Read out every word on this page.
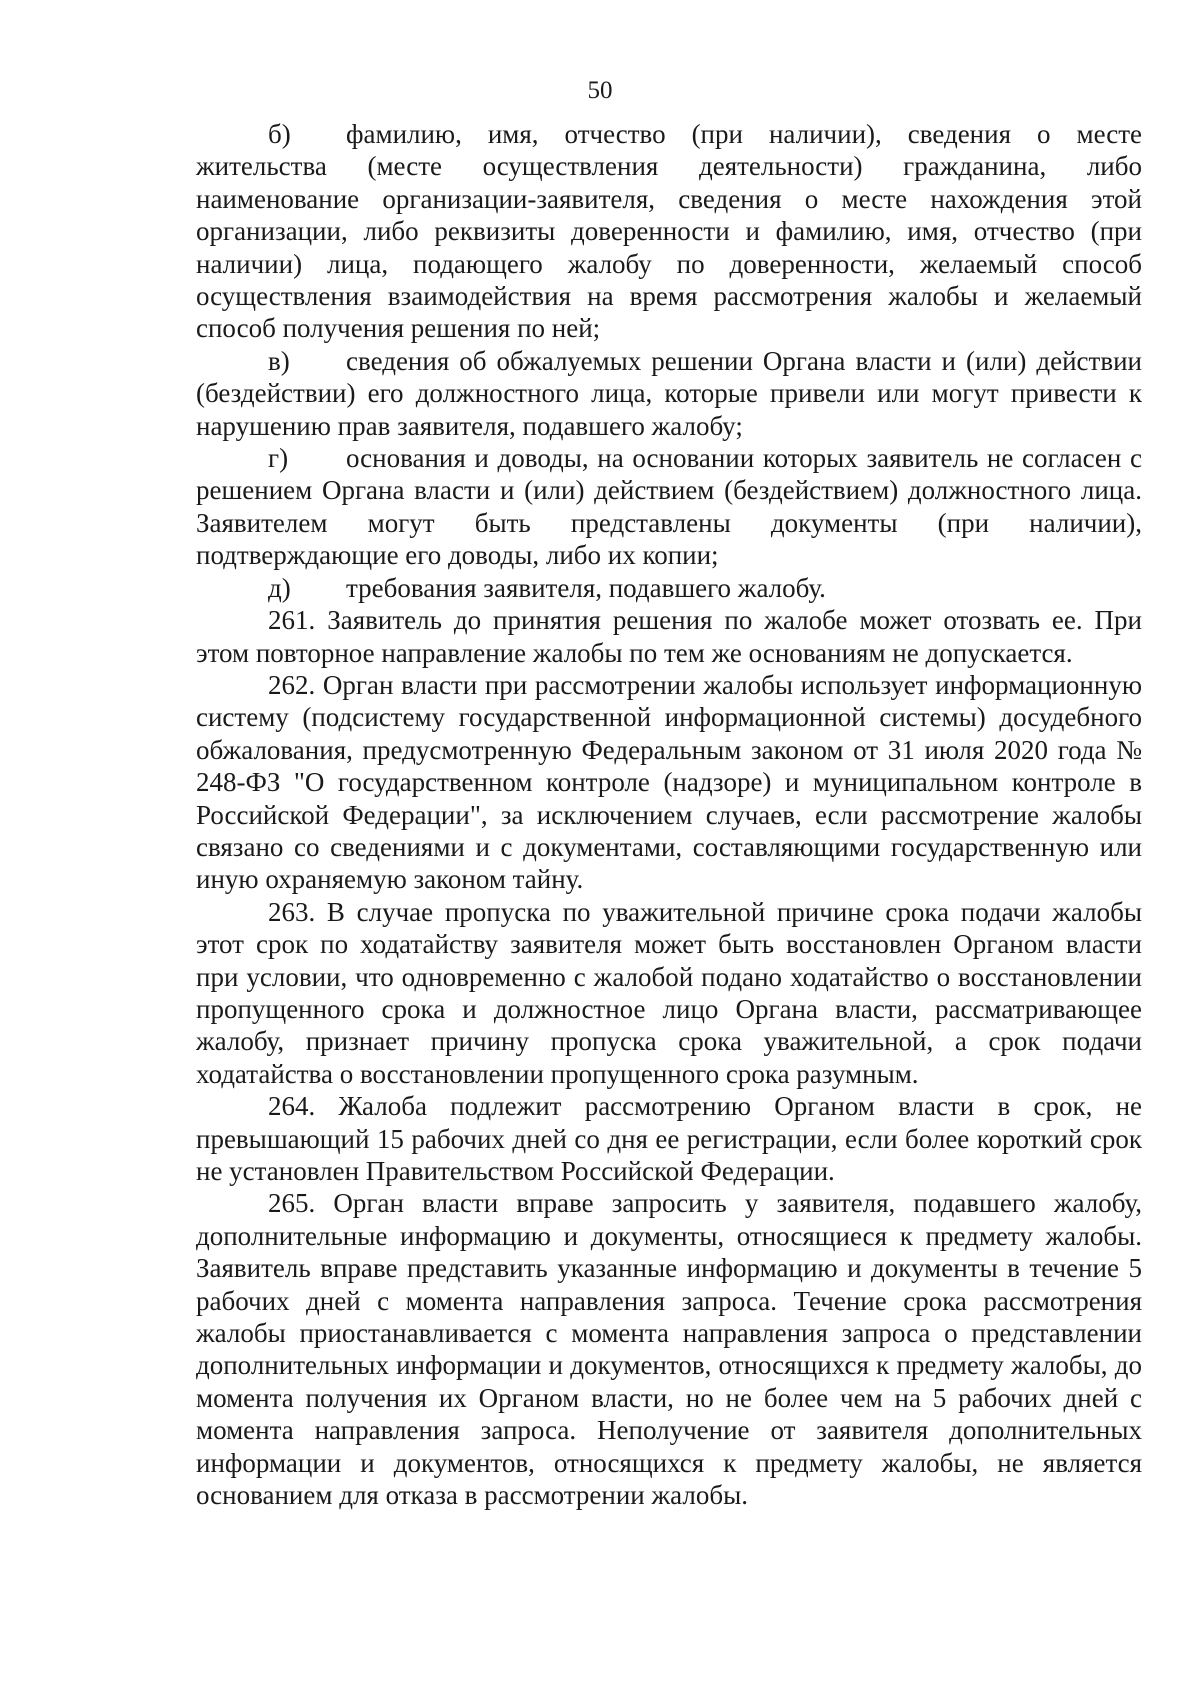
50

б) фамилию, имя, отчество (при наличии), сведения о месте жительства (месте осуществления деятельности) гражданина, либо наименование организации-заявителя, сведения о месте нахождения этой организации, либо реквизиты доверенности и фамилию, имя, отчество (при наличии) лица, подающего жалобу по доверенности, желаемый способ осуществления взаимодействия на время рассмотрения жалобы и желаемый способ получения решения по ней;

в) сведения об обжалуемых решении Органа власти и (или) действии (бездействии) его должностного лица, которые привели или могут привести к нарушению прав заявителя, подавшего жалобу;

г) основания и доводы, на основании которых заявитель не согласен с решением Органа власти и (или) действием (бездействием) должностного лица. Заявителем могут быть представлены документы (при наличии), подтверждающие его доводы, либо их копии;

д) требования заявителя, подавшего жалобу.

261. Заявитель до принятия решения по жалобе может отозвать ее. При этом повторное направление жалобы по тем же основаниям не допускается.

262. Орган власти при рассмотрении жалобы использует информационную систему (подсистему государственной информационной системы) досудебного обжалования, предусмотренную Федеральным законом от 31 июля 2020 года № 248-ФЗ "О государственном контроле (надзоре) и муниципальном контроле в Российской Федерации", за исключением случаев, если рассмотрение жалобы связано со сведениями и с документами, составляющими государственную или иную охраняемую законом тайну.

263. В случае пропуска по уважительной причине срока подачи жалобы этот срок по ходатайству заявителя может быть восстановлен Органом власти при условии, что одновременно с жалобой подано ходатайство о восстановлении пропущенного срока и должностное лицо Органа власти, рассматривающее жалобу, признает причину пропуска срока уважительной, а срок подачи ходатайства о восстановлении пропущенного срока разумным.

264. Жалоба подлежит рассмотрению Органом власти в срок, не превышающий 15 рабочих дней со дня ее регистрации, если более короткий срок не установлен Правительством Российской Федерации.

265. Орган власти вправе запросить у заявителя, подавшего жалобу, дополнительные информацию и документы, относящиеся к предмету жалобы. Заявитель вправе представить указанные информацию и документы в течение 5 рабочих дней с момента направления запроса. Течение срока рассмотрения жалобы приостанавливается с момента направления запроса о представлении дополнительных информации и документов, относящихся к предмету жалобы, до момента получения их Органом власти, но не более чем на 5 рабочих дней с момента направления запроса. Неполучение от заявителя дополнительных информации и документов, относящихся к предмету жалобы, не является основанием для отказа в рассмотрении жалобы.
